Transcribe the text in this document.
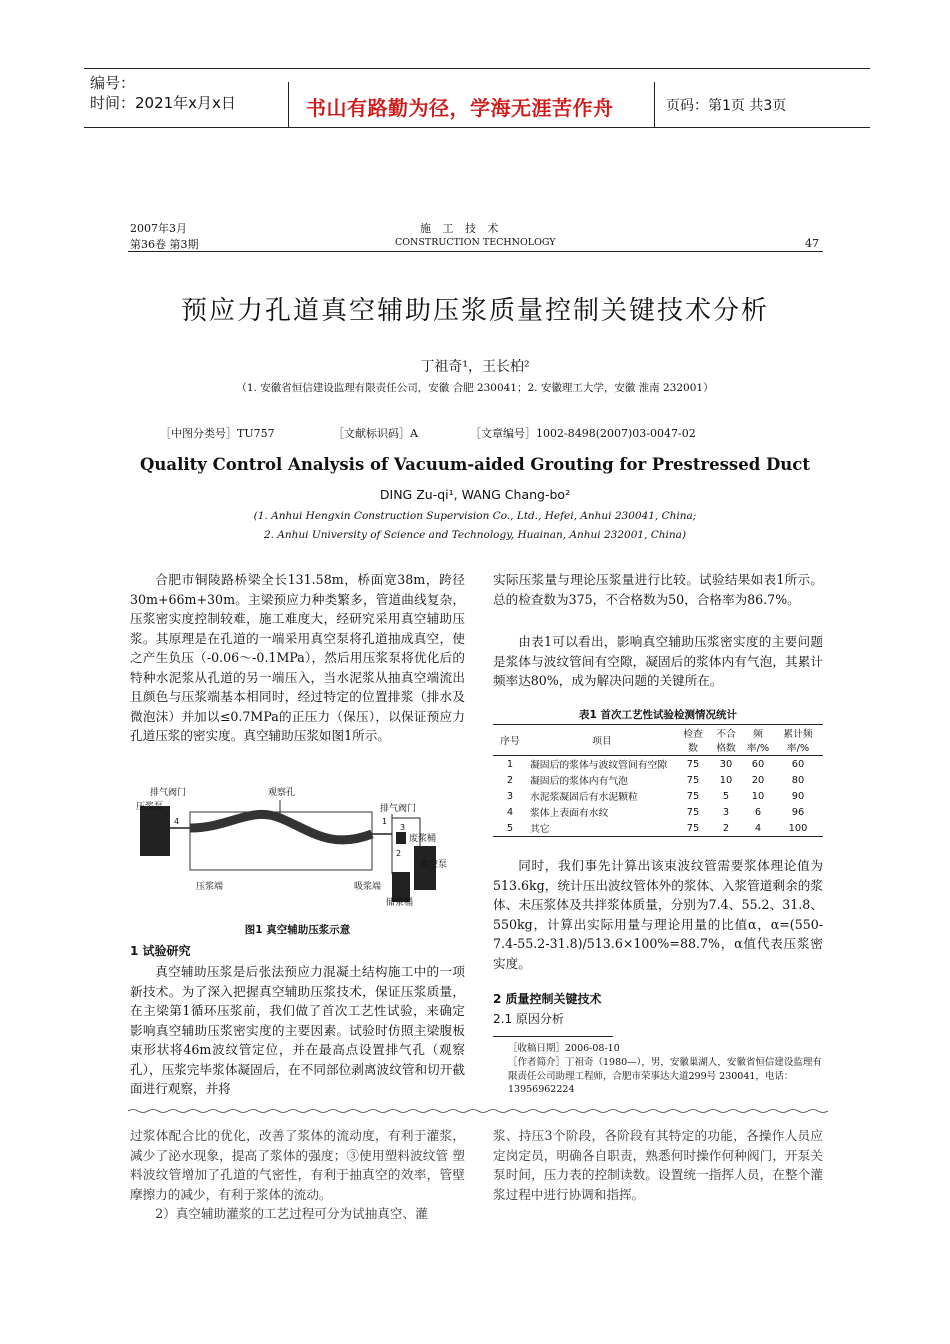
编号：
时间：2021年x月x日	书山有路勤为径，学海无涯苦作舟	页码：第1页 共3页
2007年3月
第36卷 第3期
施 工 技 术
CONSTRUCTION TECHNOLOGY	47
预应力孔道真空辅助压浆质量控制关键技术分析
丁祖奇¹，王长柏²
（1. 安徽省恒信建设监理有限责任公司，安徽 合肥 230041；2. 安徽理工大学，安徽 淮南 232001）
［中图分类号］TU757	［文献标识码］A	［文章编号］1002-8498(2007)03-0047-02
Quality Control Analysis of Vacuum-aided Grouting for Prestressed Duct
DING Zu-qi¹, WANG Chang-bo²
(1. Anhui Hengxin Construction Supervision Co., Ltd., Hefei, Anhui 230041, China;
2. Anhui University of Science and Technology, Huainan, Anhui 232001, China)
合肥市铜陵路桥梁全长131.58m，桥面宽38m，跨径30m+66m+30m。主梁预应力种类繁多，管道曲线复杂，压浆密实度控制较难，施工难度大，经研究采用真空辅助压浆。其原理是在孔道的一端采用真空泵将孔道抽成真空，使之产生负压（-0.06～-0.1MPa），然后用压浆泵将优化后的特种水泥浆从孔道的另一端压入，当水泥浆从抽真空端流出且颜色与压浆端基本相同时，经过特定的位置排浆（排水及微泡沫）并加以≤0.7MPa的正压力（保压），以保证预应力孔道压浆的密实度。真空辅助压浆如图1所示。
排气阀门
压浆泵
4
观察孔
排气阀门
1
3
2
废浆桶
真空泵
压浆端	吸浆端
储浆桶
图1 真空辅助压浆示意
1 试验研究
真空辅助压浆是后张法预应力混凝土结构施工中的一项新技术。为了深入把握真空辅助压浆技术，保证压浆质量，在主梁第1循环压浆前，我们做了首次工艺性试验，来确定影响真空辅助压浆密实度的主要因素。试验时仿照主梁腹板束形状将46m波纹管定位，并在最高点设置排气孔（观察孔），压浆完毕浆体凝固后，在不同部位剥离波纹管和切开截面进行观察，并将
实际压浆量与理论压浆量进行比较。试验结果如表1所示。总的检查数为375，不合格数为50，合格率为86.7%。
由表1可以看出，影响真空辅助压浆密实度的主要问题是浆体与波纹管间有空隙，凝固后的浆体内有气泡，其累计频率达80%，成为解决问题的关键所在。
表1 首次工艺性试验检测情况统计
序号	项目	检查数	不合格数	频率/%	累计频率/%
1	凝固后的浆体与波纹管间有空隙	75	30	60	60
2	凝固后的浆体内有气泡	75	10	20	80
3	水泥浆凝固后有水泥颗粒	75	5	10	90
4	浆体上表面有水纹	75	3	6	96
5	其它	75	2	4	100
同时，我们事先计算出该束波纹管需要浆体理论值为513.6kg，统计压出波纹管体外的浆体、入浆管道剩余的浆体、未压浆体及共拌浆体质量，分别为7.4、55.2、31.8、550kg，计算出实际用量与理论用量的比值α，α=(550-7.4-55.2-31.8)/513.6×100%=88.7%，α值代表压浆密实度。
2 质量控制关键技术
2.1 原因分析
［收稿日期］2006-08-10
［作者简介］丁祖奇（1980—），男，安徽巢湖人，安徽省恒信建设监理有限责任公司助理工程师，合肥市荣事达大道299号 230041，电话：13956962224
过浆体配合比的优化，改善了浆体的流动度，有利于灌浆，减少了泌水现象，提高了浆体的强度；③使用塑料波纹管 塑料波纹管增加了孔道的气密性，有利于抽真空的效率，管壁摩擦力的减少，有利于浆体的流动。
2）真空辅助灌浆的工艺过程可分为试抽真空、灌
浆、持压3个阶段，各阶段有其特定的功能，各操作人员应定岗定员，明确各自职责，熟悉何时操作何种阀门，开泵关泵时间，压力表的控制读数。设置统一指挥人员，在整个灌浆过程中进行协调和指挥。
